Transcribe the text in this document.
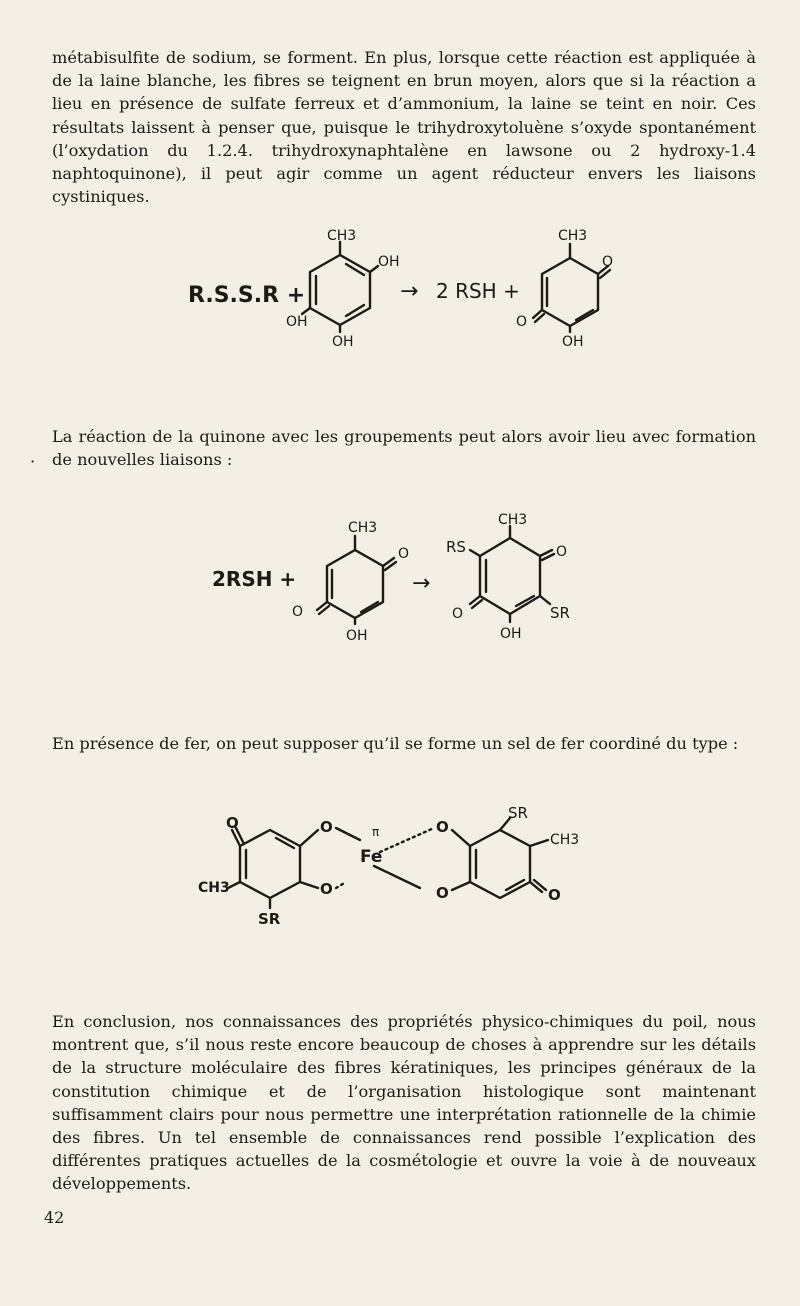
métabisulfite de sodium, se forment. En plus, lorsque cette réaction est appliquée à de la laine blanche, les fibres se teignent en brun moyen, alors que si la réaction a lieu en présence de sulfate ferreux et d’ammonium, la laine se teint en noir. Ces résultats laissent à penser que, puisque le trihydroxytoluène s’oxyde spontanément (l’oxydation du 1.2.4. trihydroxynaphtalène en lawsone ou 2 hydroxy-1.4 naphtoquinone), il peut agir comme un agent réducteur envers les liaisons cystiniques.

R.S.S.R +
CH3
OH
OH
OH
→ 2 RSH +
CH3
O
O
OH

La réaction de la quinone avec les groupements peut alors avoir lieu avec formation de nouvelles liaisons :

·
2RSH +
CH3
O
O
OH
→
CH3
RS	O
O	SR
OH

En présence de fer, on peut supposer qu’il se forme un sel de fer coordiné du type :

O
CH3
SR
O
O
π
Fe
O
O
SR
CH3
O

En conclusion, nos connaissances des propriétés physico-chimiques du poil, nous montrent que, s’il nous reste encore beaucoup de choses à apprendre sur les détails de la structure moléculaire des fibres kératiniques, les principes généraux de la constitution chimique et de l’organisation histologique sont maintenant suffisamment clairs pour nous permettre une interprétation rationnelle de la chimie des fibres. Un tel ensemble de connaissances rend possible l’explication des différentes pratiques actuelles de la cosmétologie et ouvre la voie à de nouveaux développements.

42
